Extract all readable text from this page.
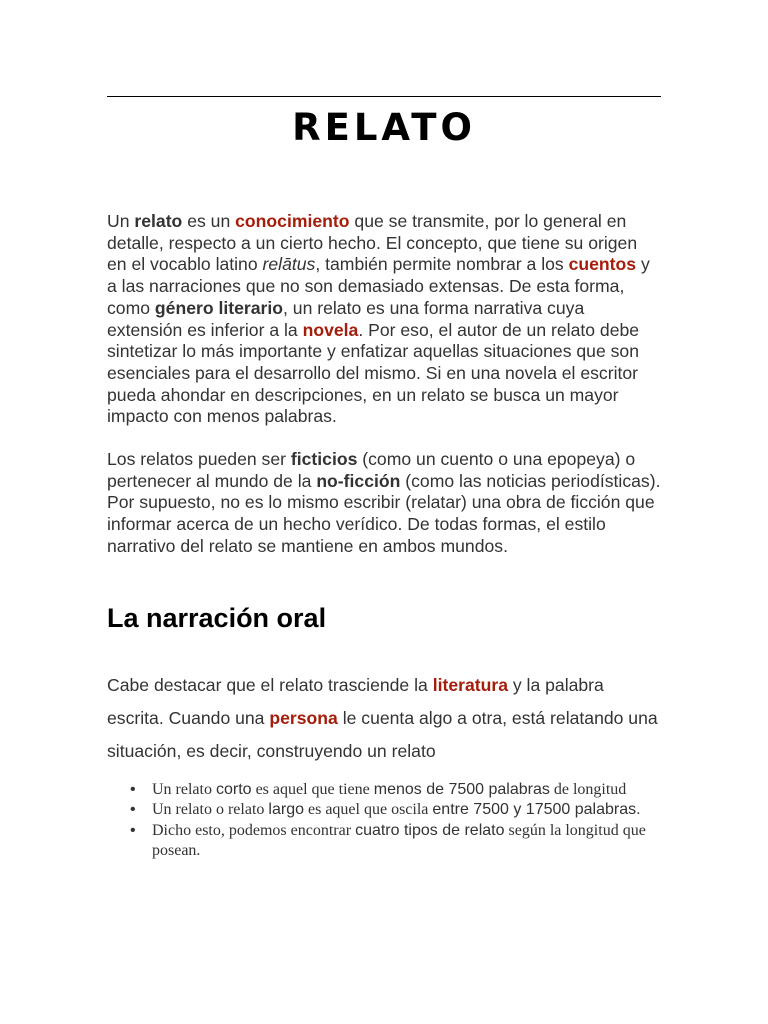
RELATO

Un relato es un conocimiento que se transmite, por lo general en detalle, respecto a un cierto hecho. El concepto, que tiene su origen en el vocablo latino relātus, también permite nombrar a los cuentos y a las narraciones que no son demasiado extensas. De esta forma, como género literario, un relato es una forma narrativa cuya extensión es inferior a la novela. Por eso, el autor de un relato debe sintetizar lo más importante y enfatizar aquellas situaciones que son esenciales para el desarrollo del mismo. Si en una novela el escritor pueda ahondar en descripciones, en un relato se busca un mayor impacto con menos palabras.

Los relatos pueden ser ficticios (como un cuento o una epopeya) o pertenecer al mundo de la no-ficción (como las noticias periodísticas). Por supuesto, no es lo mismo escribir (relatar) una obra de ficción que informar acerca de un hecho verídico. De todas formas, el estilo narrativo del relato se mantiene en ambos mundos.

La narración oral

Cabe destacar que el relato trasciende la literatura y la palabra escrita. Cuando una persona le cuenta algo a otra, está relatando una situación, es decir, construyendo un relato

• Un relato corto es aquel que tiene menos de 7500 palabras de longitud
• Un relato o relato largo es aquel que oscila entre 7500 y 17500 palabras.
• Dicho esto, podemos encontrar cuatro tipos de relato según la longitud que posean.
